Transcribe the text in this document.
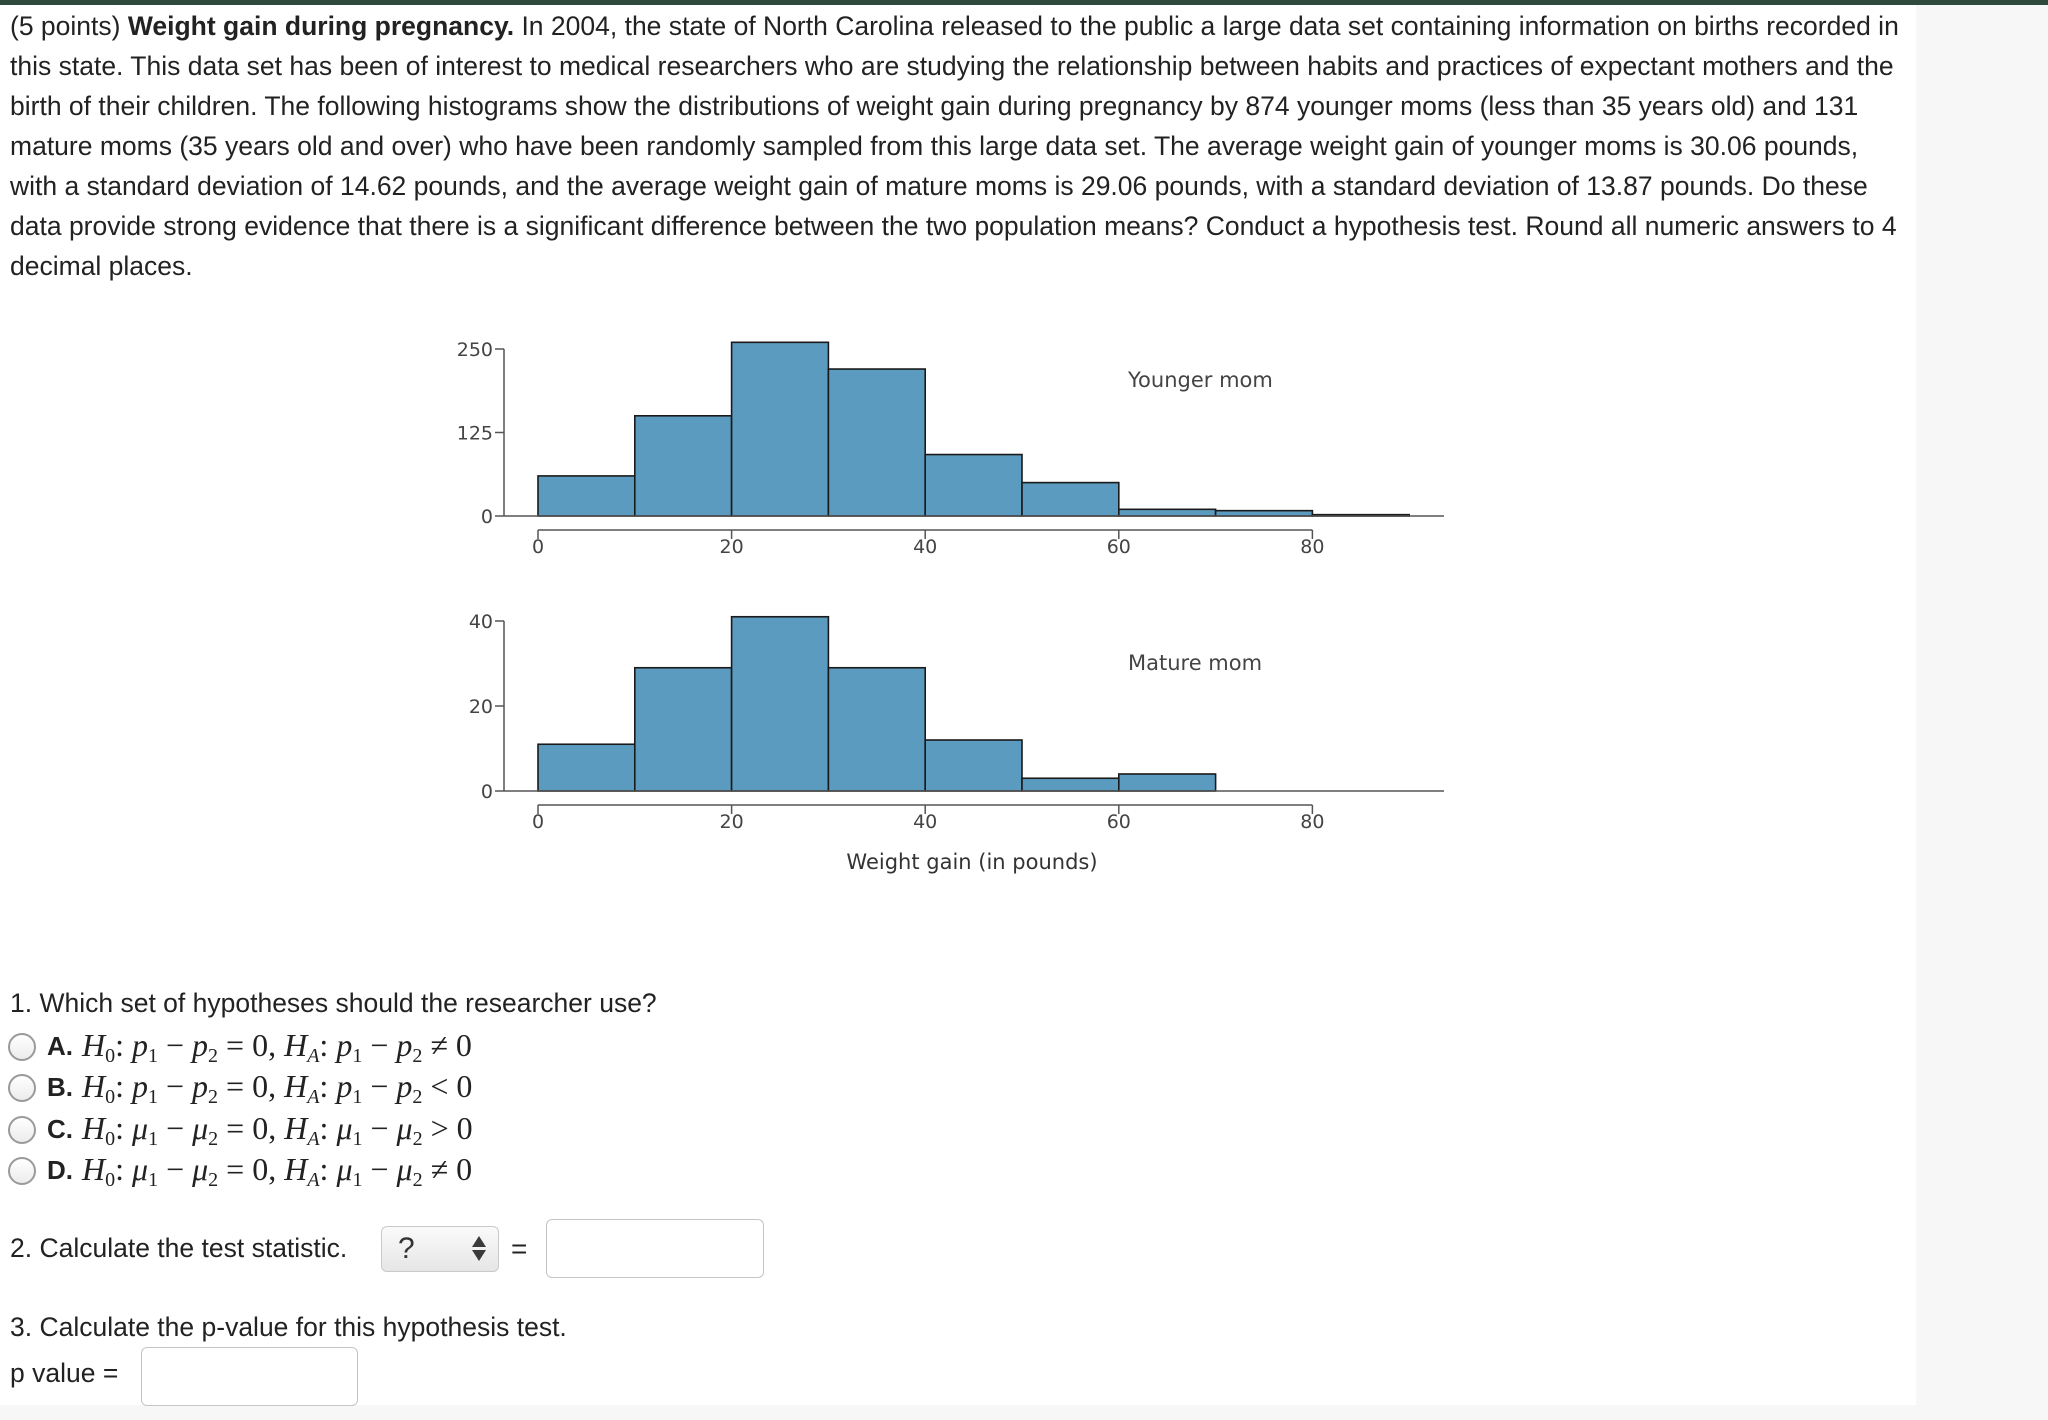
(5 points) Weight gain during pregnancy. In 2004, the state of North Carolina released to the public a large data set containing information on births recorded in this state. This data set has been of interest to medical researchers who are studying the relationship between habits and practices of expectant mothers and the birth of their children. The following histograms show the distributions of weight gain during pregnancy by 874 younger moms (less than 35 years old) and 131 mature moms (35 years old and over) who have been randomly sampled from this large data set. The average weight gain of younger moms is 30.06 pounds, with a standard deviation of 14.62 pounds, and the average weight gain of mature moms is 29.06 pounds, with a standard deviation of 13.87 pounds. Do these data provide strong evidence that there is a significant difference between the two population means? Conduct a hypothesis test. Round all numeric answers to 4 decimal places.

Younger mom
0
125
250
0	20	40	60	80
Mature mom
Weight gain (in pounds)
0
20
40
0	20	40	60	80

1. Which set of hypotheses should the researcher use?

A. $H_0$: $p_1 - p_2 = 0$, $H_A$: $p_1 - p_2 \ne 0$
B. $H_0$: $p_1 - p_2 = 0$, $H_A$: $p_1 - p_2 < 0$
C. $H_0$: $\mu_1 - \mu_2 = 0$, $H_A$: $\mu_1 - \mu_2 > 0$
D. $H_0$: $\mu_1 - \mu_2 = 0$, $H_A$: $\mu_1 - \mu_2 \ne 0$

2. Calculate the test statistic. ?	=

3. Calculate the p-value for this hypothesis test.

p value =
